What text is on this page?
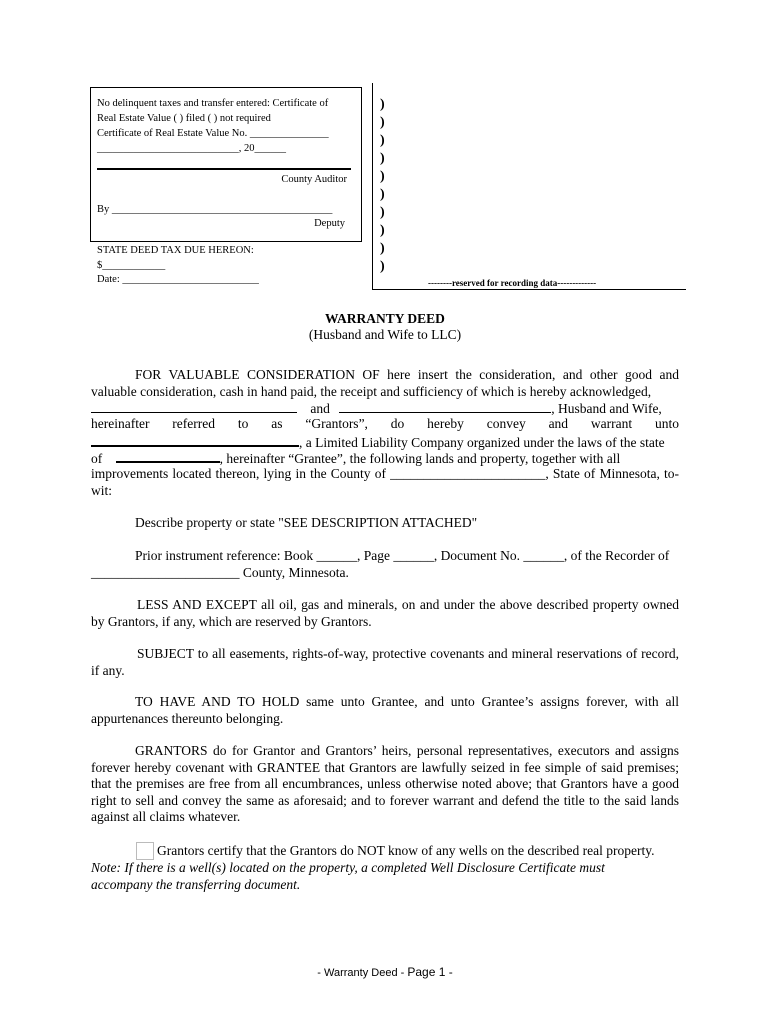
No delinquent taxes and transfer entered: Certificate of
Real Estate Value ( ) filed ( ) not required
Certificate of Real Estate Value No. _______________
___________________________, 20______
County Auditor
By __________________________________________
Deputy
STATE DEED TAX DUE HEREON:
$____________
Date: __________________________
)
)
)
)
)
)
)
)
)
)
--------reserved for recording data-------------
WARRANTY DEED
(Husband and Wife to LLC)
FOR VALUABLE CONSIDERATION OF here insert the consideration, and other good and valuable consideration, cash in hand paid, the receipt and sufficiency of which is hereby acknowledged,
and	, Husband and Wife,
hereinafter referred to as “Grantors”, do hereby convey and warrant unto
, a Limited Liability Company organized under the laws of the state
of	, hereinafter “Grantee”, the following lands and property, together with all
improvements located thereon, lying in the County of _______________________, State of Minnesota, to-wit:
Describe property or state "SEE DESCRIPTION ATTACHED"
Prior instrument reference: Book ______, Page ______, Document No. ______, of the Recorder of
______________________ County, Minnesota.
LESS AND EXCEPT all oil, gas and minerals, on and under the above described property owned by Grantors, if any, which are reserved by Grantors.
SUBJECT to all easements, rights-of-way, protective covenants and mineral reservations of record, if any.
TO HAVE AND TO HOLD same unto Grantee, and unto Grantee’s assigns forever, with all appurtenances thereunto belonging.
GRANTORS do for Grantor and Grantors’ heirs, personal representatives, executors and assigns forever hereby covenant with GRANTEE that Grantors are lawfully seized in fee simple of said premises; that the premises are free from all encumbrances, unless otherwise noted above; that Grantors have a good right to sell and convey the same as aforesaid; and to forever warrant and defend the title to the said lands against all claims whatever.
Grantors certify that the Grantors do NOT know of any wells on the described real property.
Note: If there is a well(s) located on the property, a completed Well Disclosure Certificate must accompany the transferring document.
- Warranty Deed - Page 1 -
